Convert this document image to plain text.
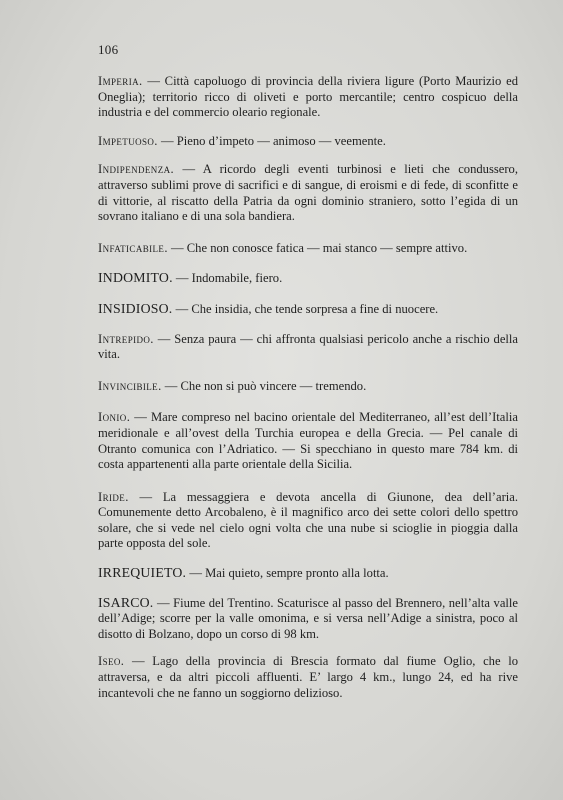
106

Imperia. — Città capoluogo di provincia della riviera ligure (Porto Maurizio ed Oneglia); territorio ricco di oliveti e porto mercantile; centro cospicuo della industria e del commercio oleario regionale.

Impetuoso. — Pieno d’impeto — animoso — veemente.

Indipendenza. — A ricordo degli eventi turbinosi e lieti che condussero, attraverso sublimi prove di sacrifici e di sangue, di eroismi e di fede, di sconfitte e di vittorie, al riscatto della Patria da ogni dominio straniero, sotto l’egida di un sovrano italiano e di una sola bandiera.

Infaticabile. — Che non conosce fatica — mai stanco — sempre attivo.

INDOMITO. — Indomabile, fiero.

INSIDIOSO. — Che insidia, che tende sorpresa a fine di nuocere.

Intrepido. — Senza paura — chi affronta qualsiasi pericolo anche a rischio della vita.

Invincibile. — Che non si può vincere — tremendo.

Ionio. — Mare compreso nel bacino orientale del Mediterraneo, all’est dell’Italia meridionale e all’ovest della Turchia europea e della Grecia. — Pel canale di Otranto comunica con l’Adriatico. — Si specchiano in questo mare 784 km. di costa appartenenti alla parte orientale della Sicilia.

Iride. — La messaggiera e devota ancella di Giunone, dea dell’aria. Comunemente detto Arcobaleno, è il magnifico arco dei sette colori dello spettro solare, che si vede nel cielo ogni volta che una nube si scioglie in pioggia dalla parte opposta del sole.

IRREQUIETO. — Mai quieto, sempre pronto alla lotta.

ISARCO. — Fiume del Trentino. Scaturisce al passo del Brennero, nell’alta valle dell’Adige; scorre per la valle omonima, e si versa nell’Adige a sinistra, poco al disotto di Bolzano, dopo un corso di 98 km.

Iseo. — Lago della provincia di Brescia formato dal fiume Oglio, che lo attraversa, e da altri piccoli affluenti. E’ largo 4 km., lungo 24, ed ha rive incantevoli che ne fanno un soggiorno delizioso.
